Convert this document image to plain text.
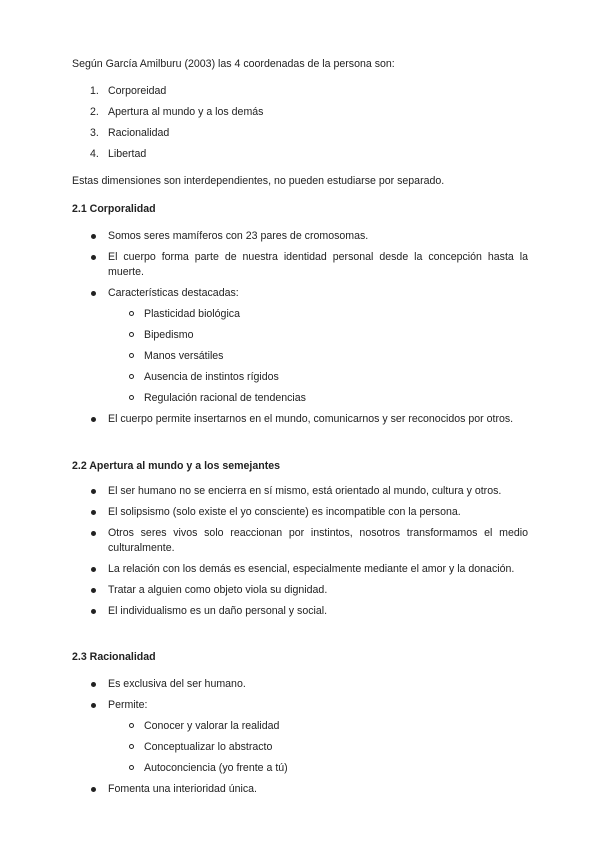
Según García Amilburu (2003) las 4 coordenadas de la persona son:

1. Corporeidad
2. Apertura al mundo y a los demás
3. Racionalidad
4. Libertad

Estas dimensiones son interdependientes, no pueden estudiarse por separado.

2.1 Corporalidad
Somos seres mamíferos con 23 pares de cromosomas.
El cuerpo forma parte de nuestra identidad personal desde la concepción hasta la muerte.
Características destacadas:
Plasticidad biológica
Bipedismo
Manos versátiles
Ausencia de instintos rígidos
Regulación racional de tendencias
El cuerpo permite insertarnos en el mundo, comunicarnos y ser reconocidos por otros.
2.2 Apertura al mundo y a los semejantes
El ser humano no se encierra en sí mismo, está orientado al mundo, cultura y otros.
El solipsismo (solo existe el yo consciente) es incompatible con la persona.
Otros seres vivos solo reaccionan por instintos, nosotros transformamos el medio culturalmente.
La relación con los demás es esencial, especialmente mediante el amor y la donación.
Tratar a alguien como objeto viola su dignidad.
El individualismo es un daño personal y social.
2.3 Racionalidad
Es exclusiva del ser humano.
Permite:
Conocer y valorar la realidad
Conceptualizar lo abstracto
Autoconciencia (yo frente a tú)
Fomenta una interioridad única.
